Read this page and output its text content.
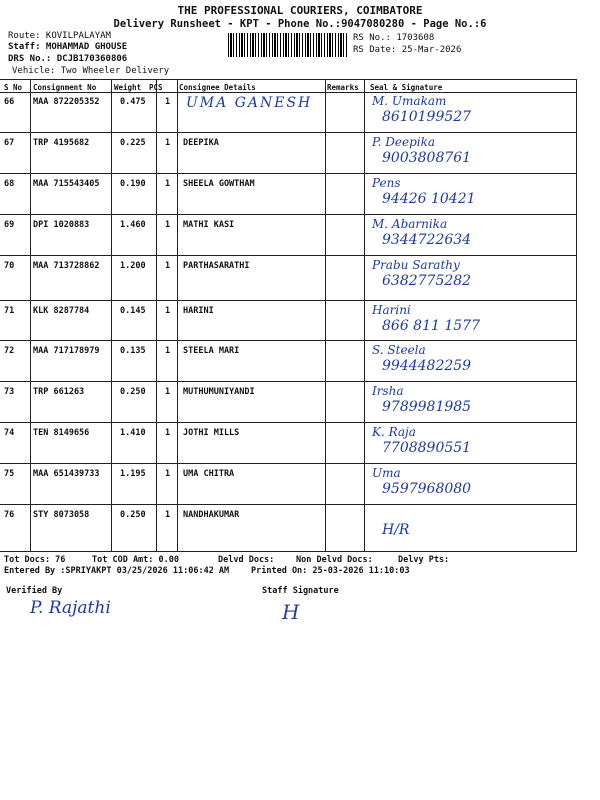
THE PROFESSIONAL COURIERS, COIMBATORE
Delivery Runsheet - KPT - Phone No.:9047080280 - Page No.:6
Route: KOVILPALAYAM
Staff: MOHAMMAD GHOUSE
DRS No.: DCJB170360806
Vehicle: Two Wheeler Delivery
RS No.: 1703608
RS Date: 25-Mar-2026
S No Consignment No Weight PCS Consignee Details	Remarks Seal & Signature
66 MAA 872205352 0.475 1 UMA GANESH	M. Umakam
8610199527
67 TRP 4195682	0.225 1 DEEPIKA	P. Deepika
9003808761
68 MAA 715543405 0.190 1 SHEELA GOWTHAM	Pens
94426 10421
69 DPI 1020883	1.460 1 MATHI KASI	M. Abarnika
9344722634
70 MAA 713728862 1.200 1 PARTHASARATHI	Prabu Sarathy
6382775282
71 KLK 8287784	0.145 1 HARINI	Harini
866 811 1577
72 MAA 717178979 0.135 1 STEELA MARI	S. Steela
9944482259
73 TRP 661263	0.250 1 MUTHUMUNIYANDI	Irsha
9789981985
74 TEN 8149656	1.410 1 JOTHI MILLS	K. Raja
7708890551
75 MAA 651439733 1.195 1 UMA CHITRA	Uma
9597968080
76 STY 8073058	0.250 1 NANDHAKUMAR
H/R
Tot Docs: 76	Tot COD Amt: 0.00	Delvd Docs:	Non Delvd Docs:	Delvy Pts:
Entered By :SPRIYAKPT 03/25/2026 11:06:42 AM	Printed On: 25-03-2026 11:10:03
Verified By	Staff Signature
P. Rajathi	H
